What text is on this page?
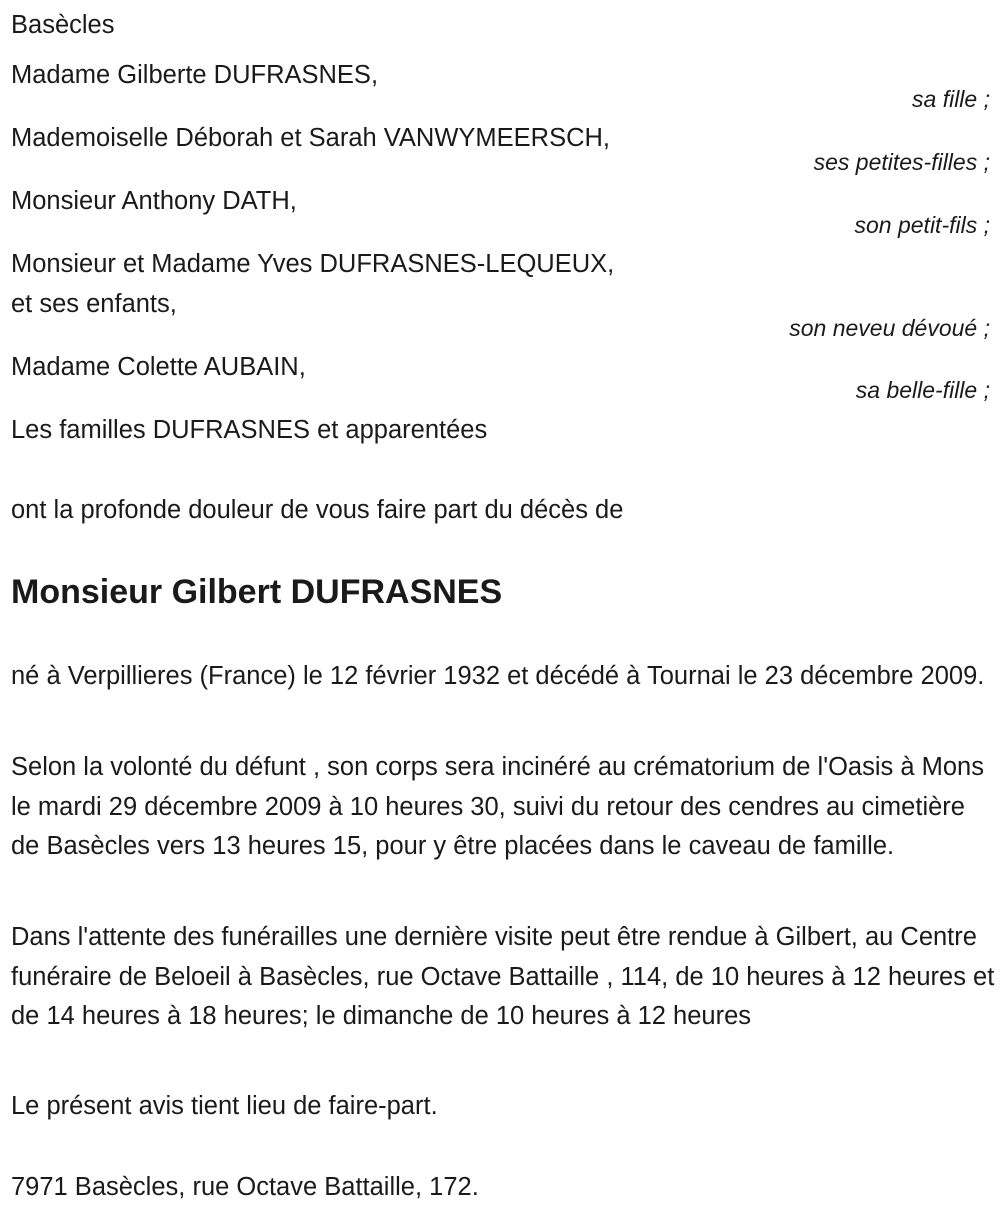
Basècles
Madame Gilberte DUFRASNES,
sa fille ;
Mademoiselle Déborah et Sarah VANWYMEERSCH,
ses petites-filles ;
Monsieur Anthony DATH,
son petit-fils ;
Monsieur et Madame Yves DUFRASNES-LEQUEUX,
et ses enfants,
son neveu dévoué ;
Madame Colette AUBAIN,
sa belle-fille ;
Les familles DUFRASNES et apparentées
ont la profonde douleur de vous faire part du décès de
Monsieur Gilbert DUFRASNES
né à Verpillieres (France) le 12 février 1932 et décédé à Tournai le 23 décembre 2009.
Selon la volonté du défunt , son corps sera incinéré au crématorium de l'Oasis à Mons le mardi 29 décembre 2009 à 10 heures 30, suivi du retour des cendres au cimetière de Basècles vers 13 heures 15, pour y être placées dans le caveau de famille.
Dans l'attente des funérailles une dernière visite peut être rendue à Gilbert, au Centre funéraire de Beloeil à Basècles, rue Octave Battaille , 114, de 10 heures à 12 heures et de 14 heures à 18 heures; le dimanche de 10 heures à 12 heures
Le présent avis tient lieu de faire-part.
7971 Basècles, rue Octave Battaille, 172.
